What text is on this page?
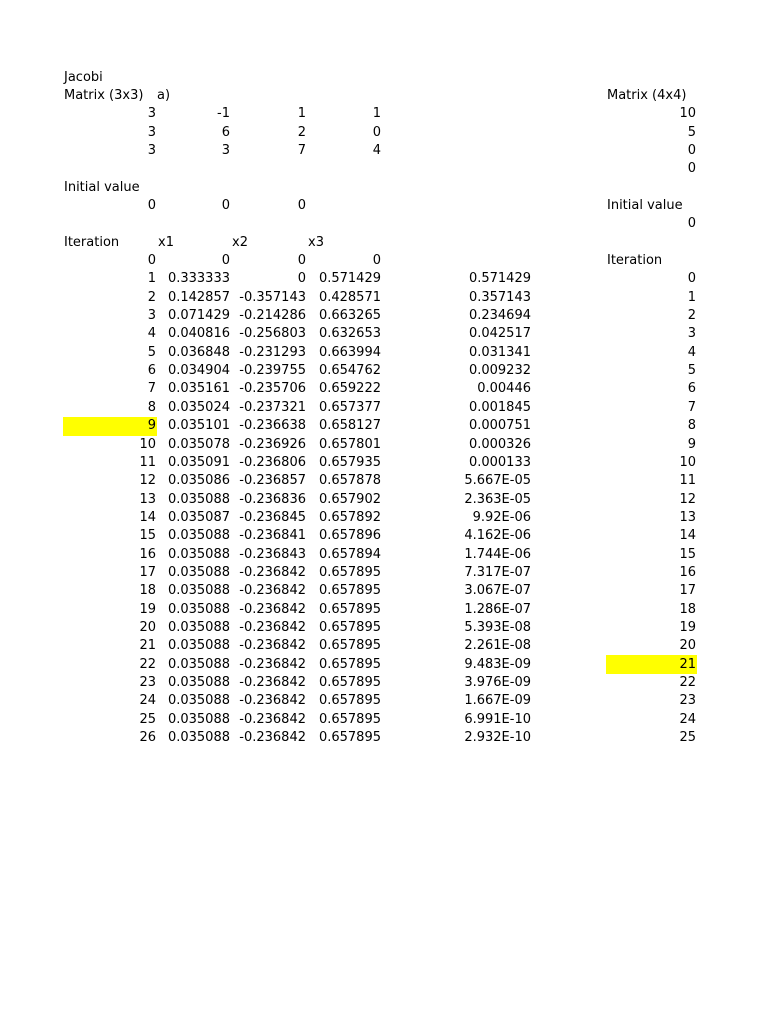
Jacobi
Matrix (3x3)	a)
3	-1	1	1
3	6	2	0
3	3	7	4
Initial value
0	0	0
Iteration	x1	x2	x3
0	0	0	0
1 0.333333	0 0.571429	0.571429
2 0.142857 -0.357143 0.428571	0.357143
3 0.071429 -0.214286 0.663265	0.234694
4 0.040816 -0.256803 0.632653	0.042517
5 0.036848 -0.231293 0.663994	0.031341
6 0.034904 -0.239755 0.654762	0.009232
7 0.035161 -0.235706 0.659222	0.00446
8 0.035024 -0.237321 0.657377	0.001845
9 0.035101 -0.236638 0.658127	0.000751
10 0.035078 -0.236926 0.657801	0.000326
11 0.035091 -0.236806 0.657935	0.000133
12 0.035086 -0.236857 0.657878	5.667E-05
13 0.035088 -0.236836 0.657902	2.363E-05
14 0.035087 -0.236845 0.657892	9.92E-06
15 0.035088 -0.236841 0.657896	4.162E-06
16 0.035088 -0.236843 0.657894	1.744E-06
17 0.035088 -0.236842 0.657895	7.317E-07
18 0.035088 -0.236842 0.657895	3.067E-07
19 0.035088 -0.236842 0.657895	1.286E-07
20 0.035088 -0.236842 0.657895	5.393E-08
21 0.035088 -0.236842 0.657895	2.261E-08
22 0.035088 -0.236842 0.657895	9.483E-09
23 0.035088 -0.236842 0.657895	3.976E-09
24 0.035088 -0.236842 0.657895	1.667E-09
25 0.035088 -0.236842 0.657895	6.991E-10
26 0.035088 -0.236842 0.657895	2.932E-10
Matrix (4x4)
10
5
0
0
Initial value
0
Iteration
0
1
2
3
4
5
6
7
8
9
10
11
12
13
14
15
16
17
18
19
20
21
22
23
24
25
